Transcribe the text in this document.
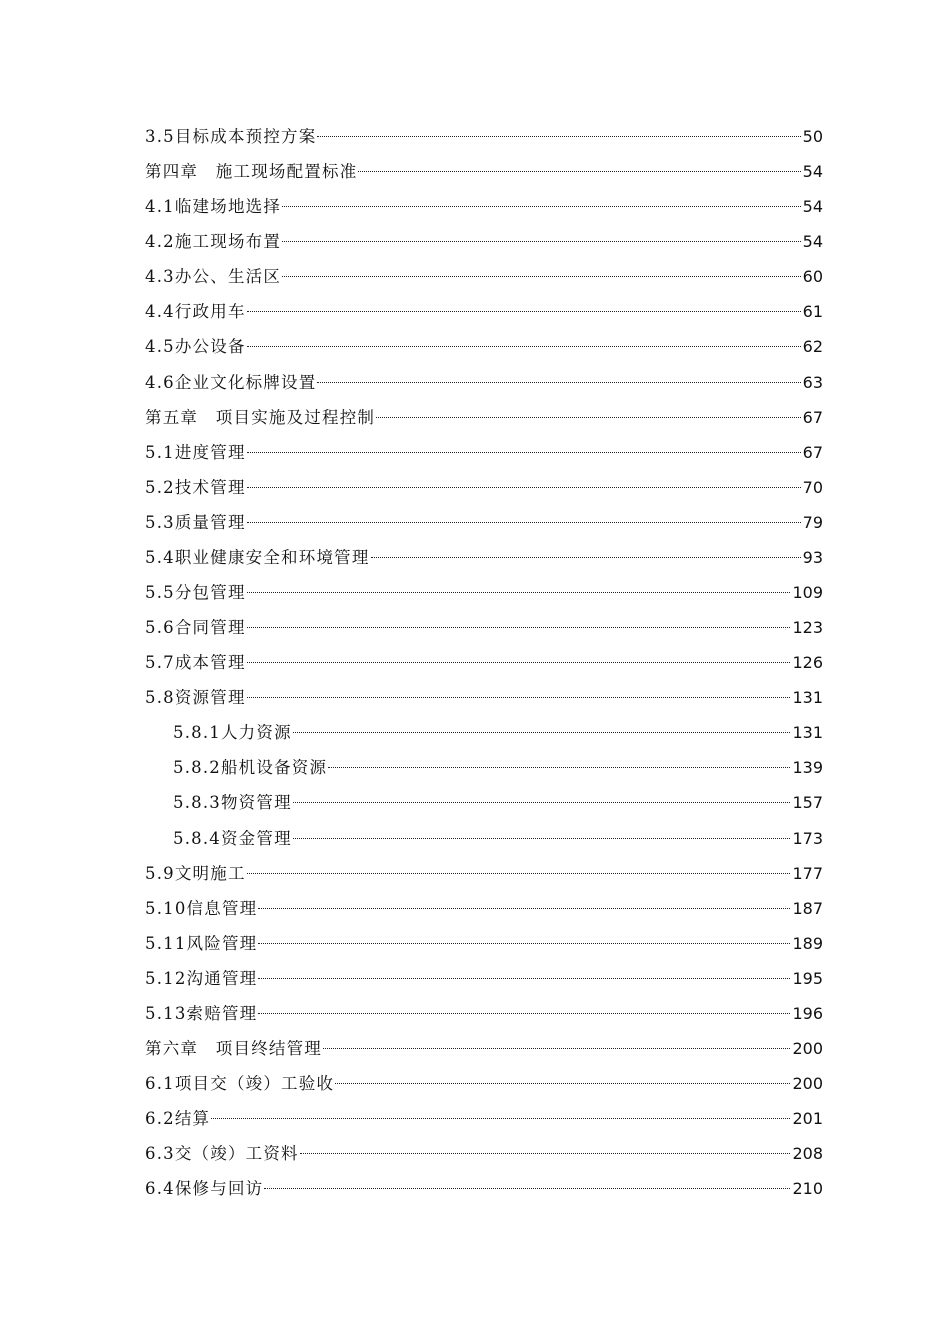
3.5目标成本预控方案	50
第四章　施工现场配置标准	54
4.1临建场地选择	54
4.2施工现场布置	54
4.3办公、生活区	60
4.4行政用车	61
4.5办公设备	62
4.6企业文化标牌设置	63
第五章　项目实施及过程控制	67
5.1进度管理	67
5.2技术管理	70
5.3质量管理	79
5.4职业健康安全和环境管理	93
5.5分包管理	109
5.6合同管理	123
5.7成本管理	126
5.8资源管理	131
5.8.1人力资源	131
5.8.2船机设备资源	139
5.8.3物资管理	157
5.8.4资金管理	173
5.9文明施工	177
5.10信息管理	187
5.11风险管理	189
5.12沟通管理	195
5.13索赔管理	196
第六章　项目终结管理	200
6.1项目交（竣）工验收	200
6.2结算	201
6.3交（竣）工资料	208
6.4保修与回访	210
